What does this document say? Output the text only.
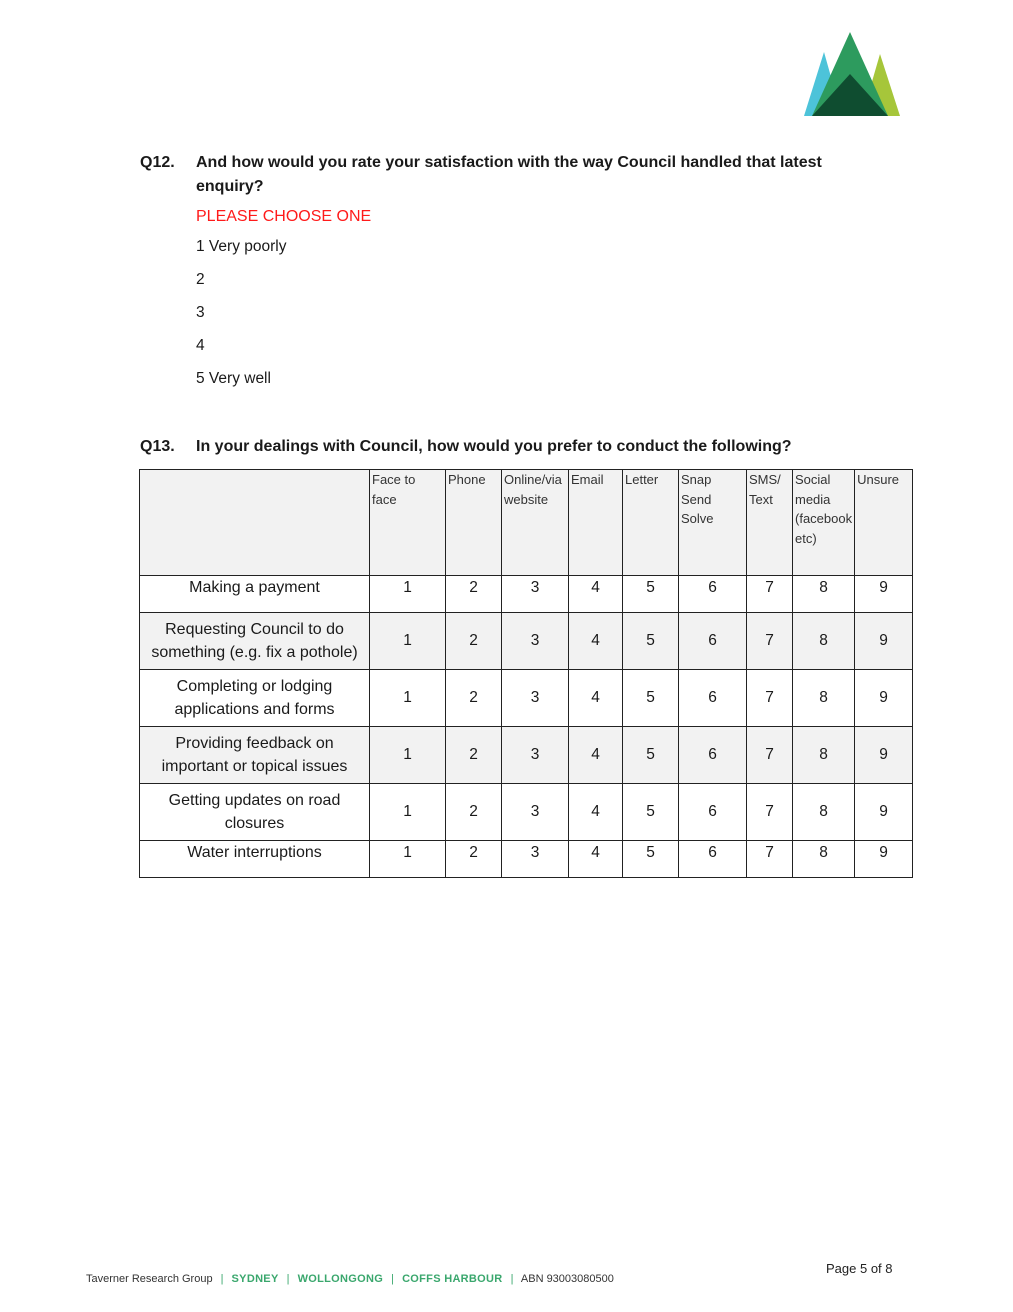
Q12.	And how would you rate your satisfaction with the way Council handled that latest enquiry?
PLEASE CHOOSE ONE
1 Very poorly
2
3
4
5 Very well
Q13.	In your dealings with Council, how would you prefer to conduct the following?
	Face to face	Phone	Online/via website	Email	Letter	Snap Send Solve	SMS/ Text	Social media (facebook etc)	Unsure
Making a payment	1	2	3	4	5	6	7	8	9
Requesting Council to do something (e.g. fix a pothole)	1	2	3	4	5	6	7	8	9
Completing or lodging applications and forms	1	2	3	4	5	6	7	8	9
Providing feedback on important or topical issues	1	2	3	4	5	6	7	8	9
Getting updates on road closures	1	2	3	4	5	6	7	8	9
Water interruptions	1	2	3	4	5	6	7	8	9
Taverner Research Group | SYDNEY | WOLLONGONG | COFFS HARBOUR | ABN 93003080500
Page 5 of 8
